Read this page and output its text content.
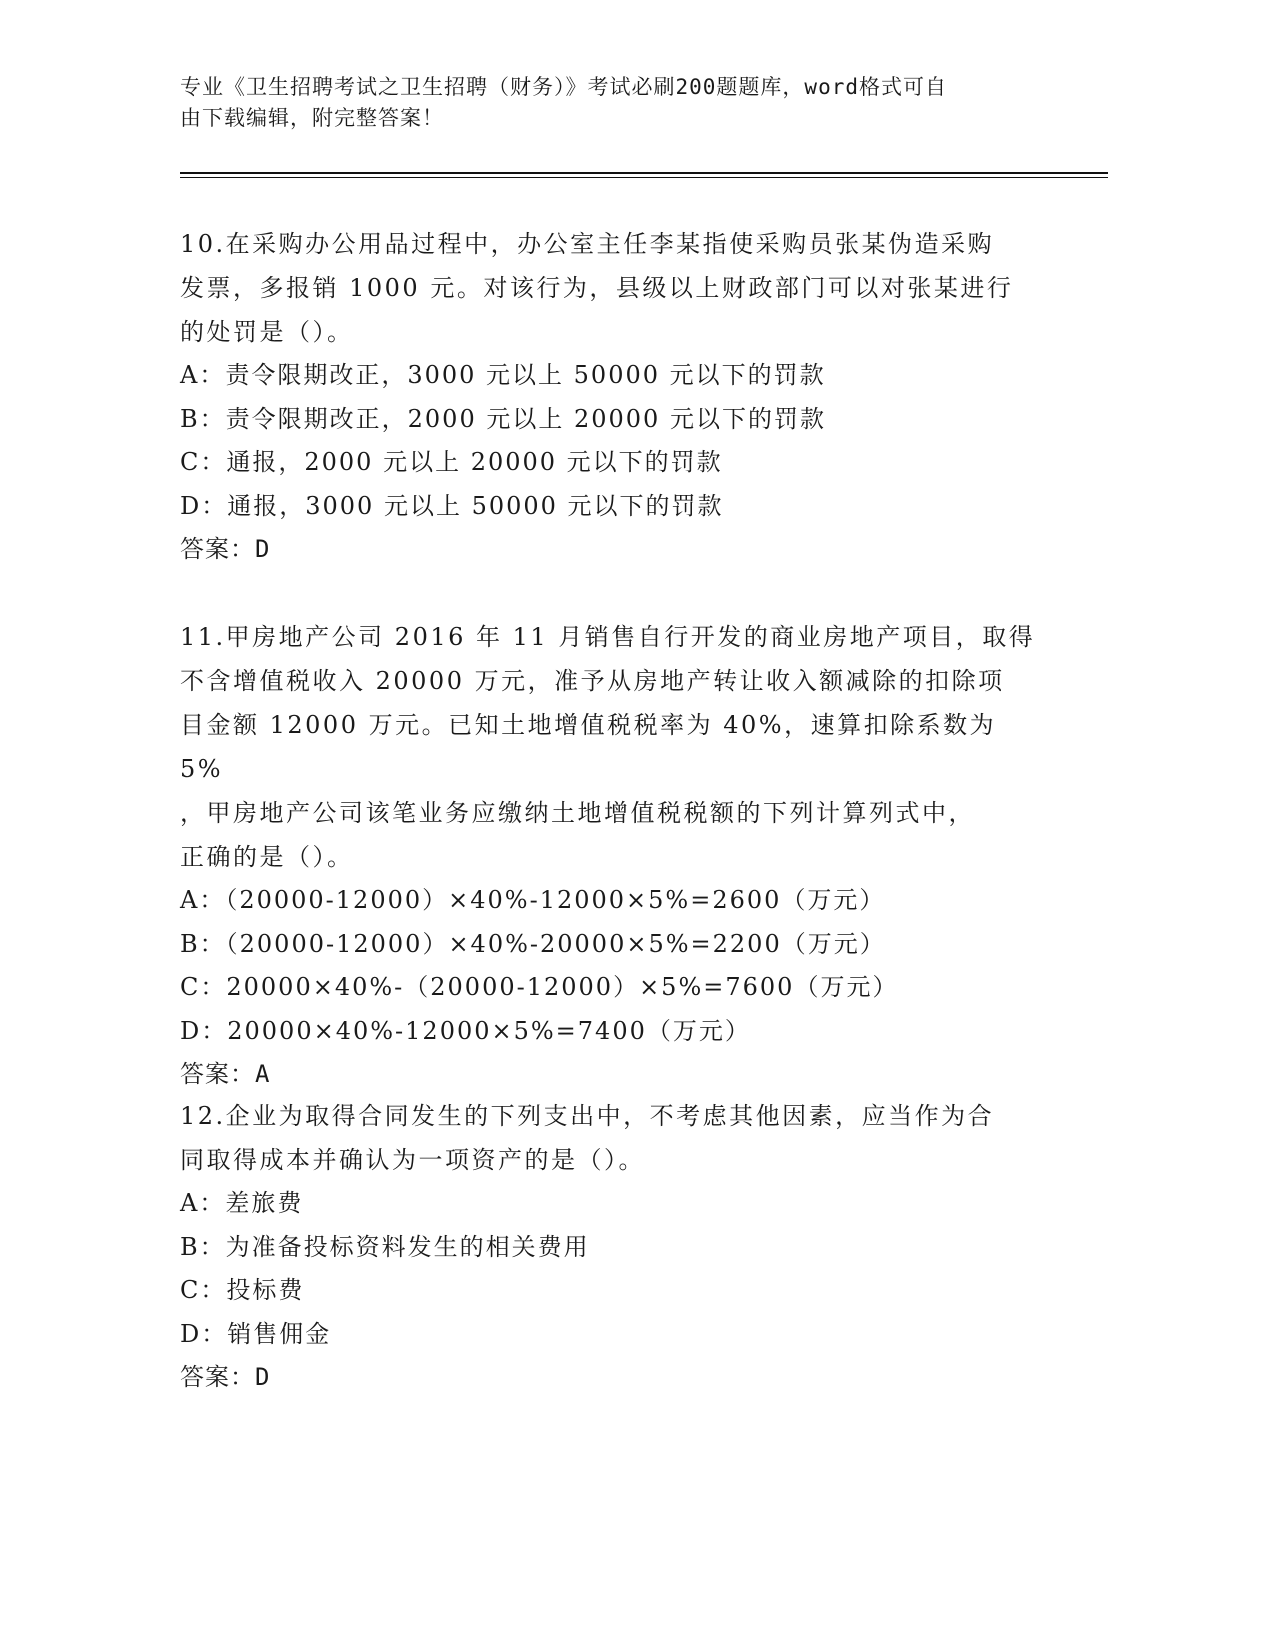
专业《卫生招聘考试之卫生招聘（财务）》考试必刷200题题库，word格式可自
由下载编辑，附完整答案！

10.在采购办公用品过程中，办公室主任李某指使采购员张某伪造采购

发票，多报销 1000 元。对该行为，县级以上财政部门可以对张某进行

的处罚是（）。

A：责令限期改正，3000 元以上 50000 元以下的罚款

B：责令限期改正，2000 元以上 20000 元以下的罚款

C：通报，2000 元以上 20000 元以下的罚款

D：通报，3000 元以上 50000 元以下的罚款

答案：D

11.甲房地产公司 2016 年 11 月销售自行开发的商业房地产项目，取得

不含增值税收入 20000 万元，准予从房地产转让收入额减除的扣除项

目金额 12000 万元。已知土地增值税税率为 40%，速算扣除系数为 5%

，甲房地产公司该笔业务应缴纳土地增值税税额的下列计算列式中，

正确的是（）。

A：（20000-12000）×40%-12000×5%=2600（万元）

B：（20000-12000）×40%-20000×5%=2200（万元）

C：20000×40%-（20000-12000）×5%=7600（万元）

D：20000×40%-12000×5%=7400（万元）

答案：A

12.企业为取得合同发生的下列支出中，不考虑其他因素，应当作为合

同取得成本并确认为一项资产的是（）。

A：差旅费

B：为准备投标资料发生的相关费用

C：投标费

D：销售佣金

答案：D
